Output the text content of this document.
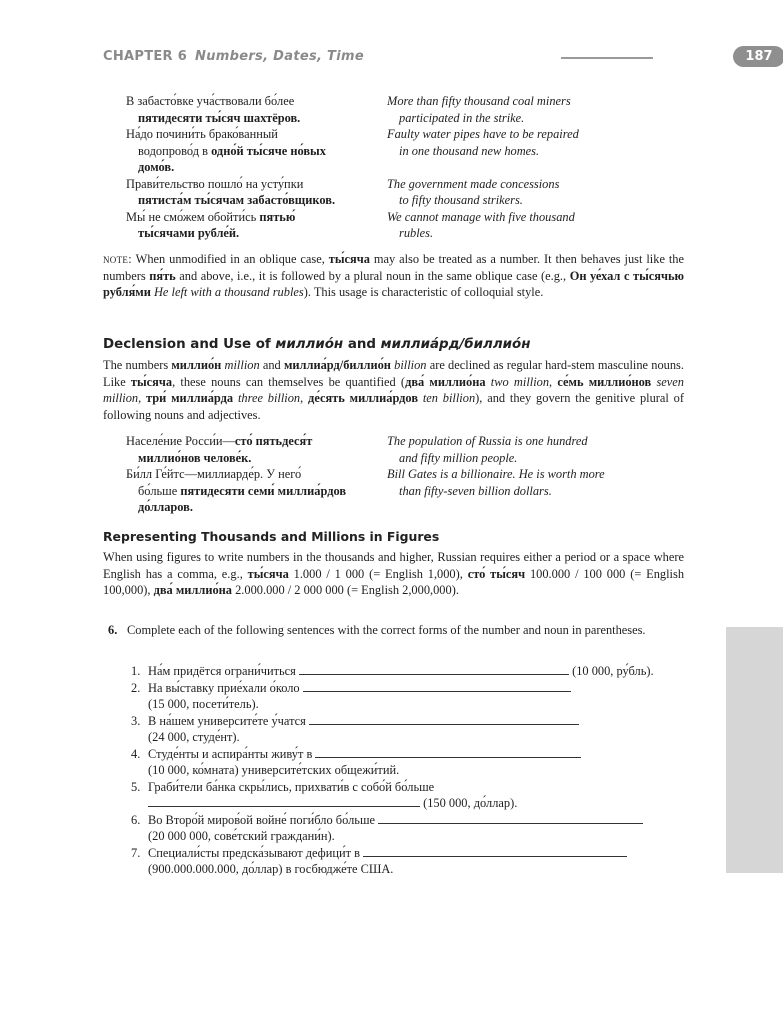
CHAPTER 6 Numbers, Dates, Time	187
В забасто́вке уча́ствовали бо́лее
пятидесяти ты́сяч шахтёров.
More than fifty thousand coal miners
participated in the strike.
На́до почини́ть брако́ванный
водопрово́д в одно́й ты́сяче но́вых
домо́в.
Faulty water pipes have to be repaired
in one thousand new homes.
Прави́тельство пошло́ на усту́пки
пятиста́м ты́сячам забасто́вщиков.
The government made concessions
to fifty thousand strikers.
Мы́ не смо́жем обойти́сь пятью́
ты́сячами рубле́й.
We cannot manage with five thousand
rubles.
note: When unmodified in an oblique case, ты́сяча may also be treated as a number. It then behaves just like the numbers пя́ть and above, i.e., it is followed by a plural noun in the same oblique case (e.g., Он уе́хал с ты́сячью рубля́ми He left with a thousand rubles). This usage is characteristic of colloquial style.
Declension and Use of миллио́н and миллиа́рд/биллио́н
The numbers миллио́н million and миллиа́рд/биллио́н billion are declined as regular hard-stem masculine nouns. Like ты́сяча, these nouns can themselves be quantified (два́ миллио́на two million, се́мь миллио́нов seven million, три́ миллиа́рда three billion, де́сять миллиа́рдов ten billion), and they govern the genitive plural of following nouns and adjectives.
Населе́ние Росси́и—сто́ пятьдеся́т
миллио́нов челове́к.
The population of Russia is one hundred
and fifty million people.
Би́лл Ге́йтс—миллиарде́р. У него́
бо́льше пятидесяти семи́ миллиа́рдов
до́лларов.
Bill Gates is a billionaire. He is worth more
than fifty-seven billion dollars.
Representing Thousands and Millions in Figures
When using figures to write numbers in the thousands and higher, Russian requires either a period or a space where English has a comma, e.g., ты́сяча 1.000 / 1 000 (= English 1,000), сто́ ты́сяч 100.000 / 100 000 (= English 100,000), два́ миллио́на 2.000.000 / 2 000 000 (= English 2,000,000).
6. Complete each of the following sentences with the correct forms of the number and noun in parentheses.
1. На́м придётся ограни́читься	(10 000, ру́бль).
2. На вы́ставку прие́хали о́коло
(15 000, посети́тель).
3. В на́шем университе́те у́чатся
(24 000, студе́нт).
4. Студе́нты и аспира́нты живу́т в
(10 000, ко́мната) университе́тских общежи́тий.
5. Граби́тели ба́нка скры́лись, прихвати́в с собо́й бо́льше
(150 000, до́ллар).
6. Во Второ́й миров́ой войне́ поги́бло бо́льше
(20 000 000, сове́тский граждани́н).
7. Специали́сты предска́зывают дефици́т в
(900.000.000.000, до́ллар) в госбюдже́те США.
